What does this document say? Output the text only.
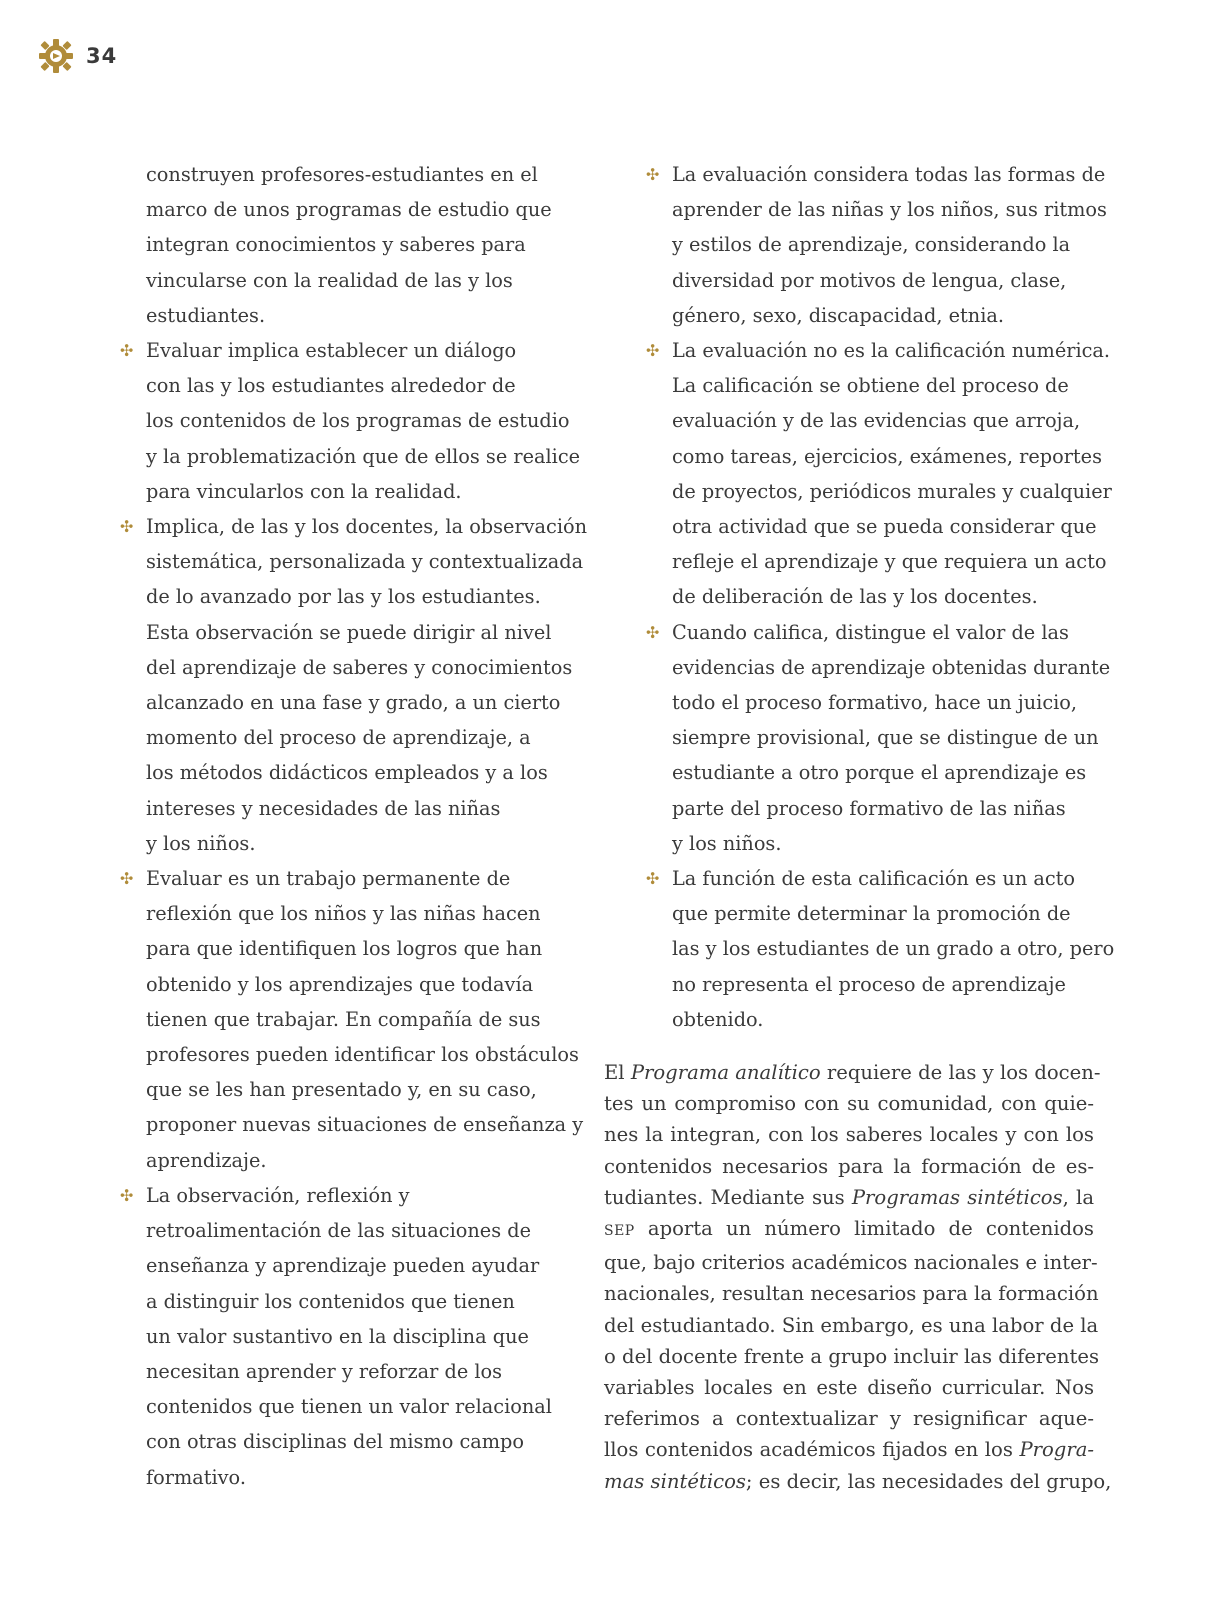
34
construyen profesores-estudiantes en el
marco de unos programas de estudio que
integran conocimientos y saberes para
vincularse con la realidad de las y los
estudiantes.
✣ Evaluar implica establecer un diálogo
con las y los estudiantes alrededor de
los contenidos de los programas de estudio
y la problematización que de ellos se realice
para vincularlos con la realidad.
✣ Implica, de las y los docentes, la observación
sistemática, personalizada y contextualizada
de lo avanzado por las y los estudiantes.
Esta observación se puede dirigir al nivel
del aprendizaje de saberes y conocimientos
alcanzado en una fase y grado, a un cierto
momento del proceso de aprendizaje, a
los métodos didácticos empleados y a los
intereses y necesidades de las niñas
y los niños.
✣ Evaluar es un trabajo permanente de
reflexión que los niños y las niñas hacen
para que identifiquen los logros que han
obtenido y los aprendizajes que todavía
tienen que trabajar. En compañía de sus
profesores pueden identificar los obstáculos
que se les han presentado y, en su caso,
proponer nuevas situaciones de enseñanza y
aprendizaje.
✣ La observación, reflexión y
retroalimentación de las situaciones de
enseñanza y aprendizaje pueden ayudar
a distinguir los contenidos que tienen
un valor sustantivo en la disciplina que
necesitan aprender y reforzar de los
contenidos que tienen un valor relacional
con otras disciplinas del mismo campo
formativo.
✣ La evaluación considera todas las formas de
aprender de las niñas y los niños, sus ritmos
y estilos de aprendizaje, considerando la
diversidad por motivos de lengua, clase,
género, sexo, discapacidad, etnia.
✣ La evaluación no es la calificación numérica.
La calificación se obtiene del proceso de
evaluación y de las evidencias que arroja,
como tareas, ejercicios, exámenes, reportes
de proyectos, periódicos murales y cualquier
otra actividad que se pueda considerar que
refleje el aprendizaje y que requiera un acto
de deliberación de las y los docentes.
✣ Cuando califica, distingue el valor de las
evidencias de aprendizaje obtenidas durante
todo el proceso formativo, hace un juicio,
siempre provisional, que se distingue de un
estudiante a otro porque el aprendizaje es
parte del proceso formativo de las niñas
y los niños.
✣ La función de esta calificación es un acto
que permite determinar la promoción de
las y los estudiantes de un grado a otro, pero
no representa el proceso de aprendizaje
obtenido.
El Programa analítico requiere de las y los docen-
tes un compromiso con su comunidad, con quie-
nes la integran, con los saberes locales y con los
contenidos necesarios para la formación de es-
tudiantes. Mediante sus Programas sintéticos, la
SEP aporta un número limitado de contenidos
que, bajo criterios académicos nacionales e inter-
nacionales, resultan necesarios para la formación
del estudiantado. Sin embargo, es una labor de la
o del docente frente a grupo incluir las diferentes
variables locales en este diseño curricular. Nos
referimos a contextualizar y resignificar aque-
llos contenidos académicos fijados en los Progra-
mas sintéticos; es decir, las necesidades del grupo,
